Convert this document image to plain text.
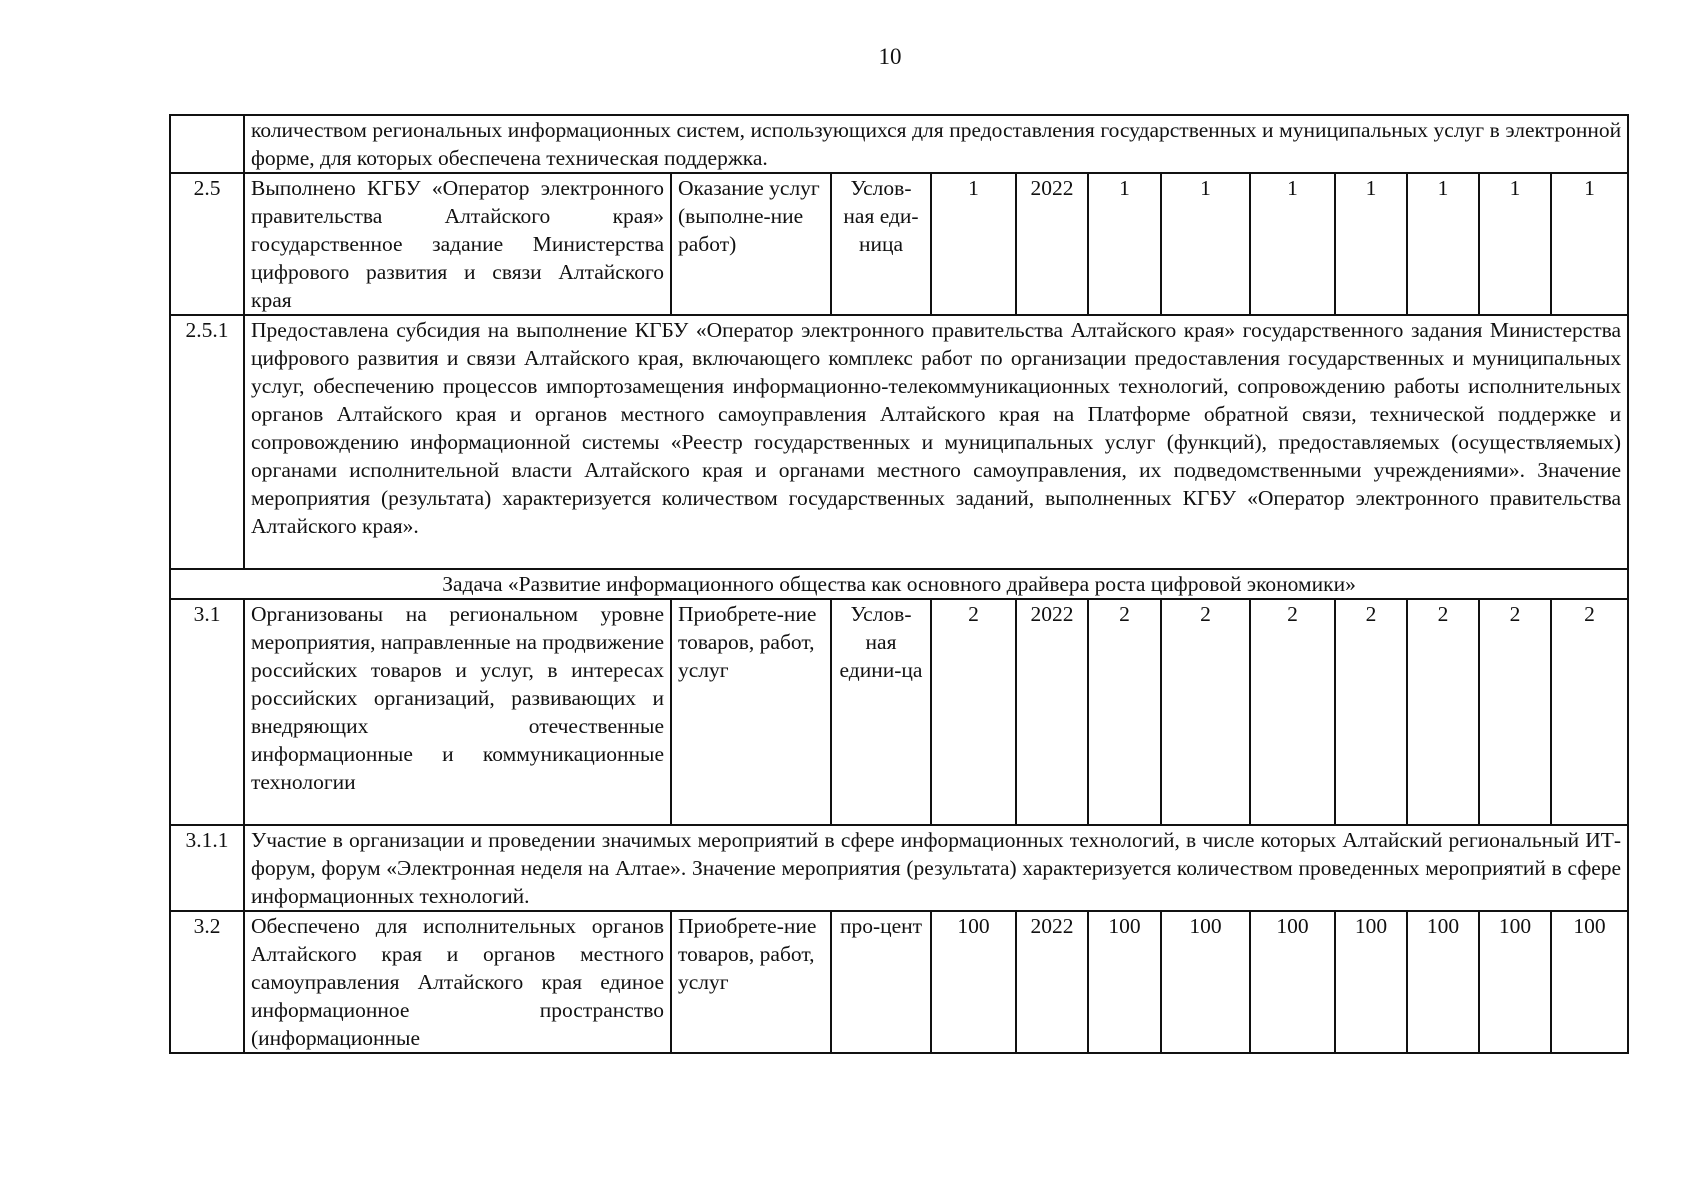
10
	количеством региональных информационных систем, использующихся для предоставления государственных и муниципальных услуг в электронной форме, для которых обеспечена техническая поддержка.											
2.5	Выполнено КГБУ «Оператор электронного правительства Алтайского края» государственное задание Министерства цифрового развития и связи Алтайского края	Оказание услуг (выполне-ние работ)	Услов-ная еди-ница	1	2022	1	1	1	1	1	1	1
2.5.1	Предоставлена субсидия на выполнение КГБУ «Оператор электронного правительства Алтайского края» государственного задания Министерства цифрового развития и связи Алтайского края, включающего комплекс работ по организации предоставления государственных и муниципальных услуг, обеспечению процессов импортозамещения информационно-телекоммуникационных технологий, сопровождению работы исполнительных органов Алтайского края и органов местного самоуправления Алтайского края на Платформе обратной связи, технической поддержке и сопровождению информационной системы «Реестр государственных и муниципальных услуг (функций), предоставляемых (осуществляемых) органами исполнительной власти Алтайского края и органами местного самоуправления, их подведомственными учреждениями». Значение мероприятия (результата) характеризуется количеством государственных заданий, выполненных КГБУ «Оператор электронного правительства Алтайского края».											
Задача «Развитие информационного общества как основного драйвера роста цифровой экономики»												
3.1	Организованы на региональном уровне мероприятия, направленные на продвижение российских товаров и услуг, в интересах российских организаций, развивающих и внедряющих отечественные информационные и коммуникационные технологии	Приобрете-ние товаров, работ, услуг	Услов-ная едини-ца	2	2022	2	2	2	2	2	2	2
3.1.1	Участие в организации и проведении значимых мероприятий в сфере информационных технологий, в числе которых Алтайский региональный ИТ-форум, форум «Электронная неделя на Алтае». Значение мероприятия (результата) характеризуется количеством проведенных мероприятий в сфере информационных технологий.											
3.2	Обеспечено для исполнительных органов Алтайского края и органов местного самоуправления Алтайского края единое информационное пространство (информационные	Приобрете-ние товаров, работ, услуг	про-цент	100	2022	100	100	100	100	100	100	100
